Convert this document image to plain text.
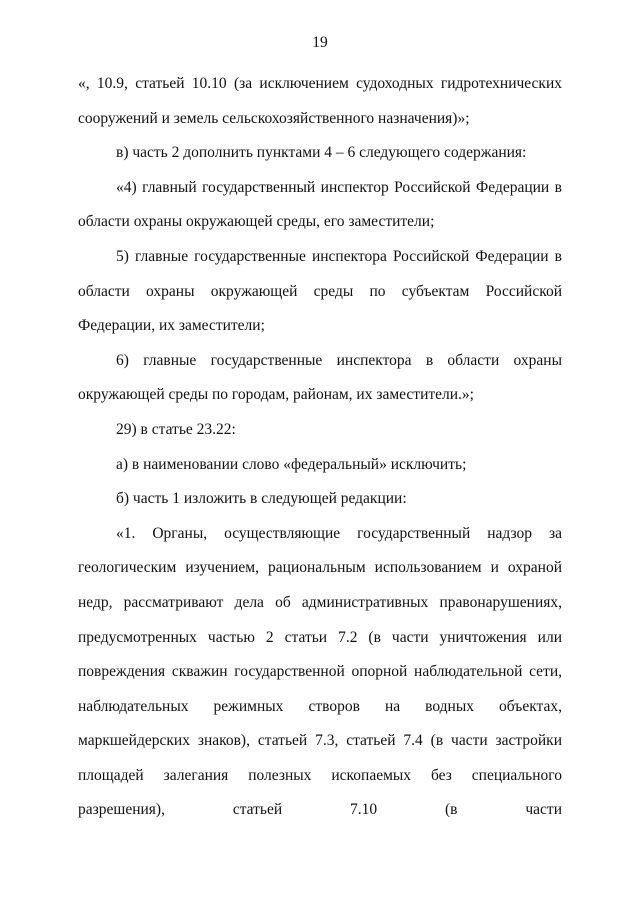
19

«, 10.9, статьей 10.10 (за исключением судоходных гидротехнических сооружений и земель сельскохозяйственного назначения)»;

в) часть 2 дополнить пунктами 4 – 6 следующего содержания:

«4) главный государственный инспектор Российской Федерации в области охраны окружающей среды, его заместители;

5) главные государственные инспектора Российской Федерации в области охраны окружающей среды по субъектам Российской Федерации, их заместители;

6) главные государственные инспектора в области охраны окружающей среды по городам, районам, их заместители.»;

29) в статье 23.22:

а) в наименовании слово «федеральный» исключить;

б) часть 1 изложить в следующей редакции:

«1. Органы, осуществляющие государственный надзор за геологическим изучением, рациональным использованием и охраной недр, рассматривают дела об административных правонарушениях, предусмотренных частью 2 статьи 7.2 (в части уничтожения или повреждения скважин государственной опорной наблюдательной сети, наблюдательных режимных створов на водных объектах, маркшейдерских знаков), статьей 7.3, статьей 7.4 (в части застройки площадей залегания полезных ископаемых без специального разрешения), статьей 7.10 (в части
